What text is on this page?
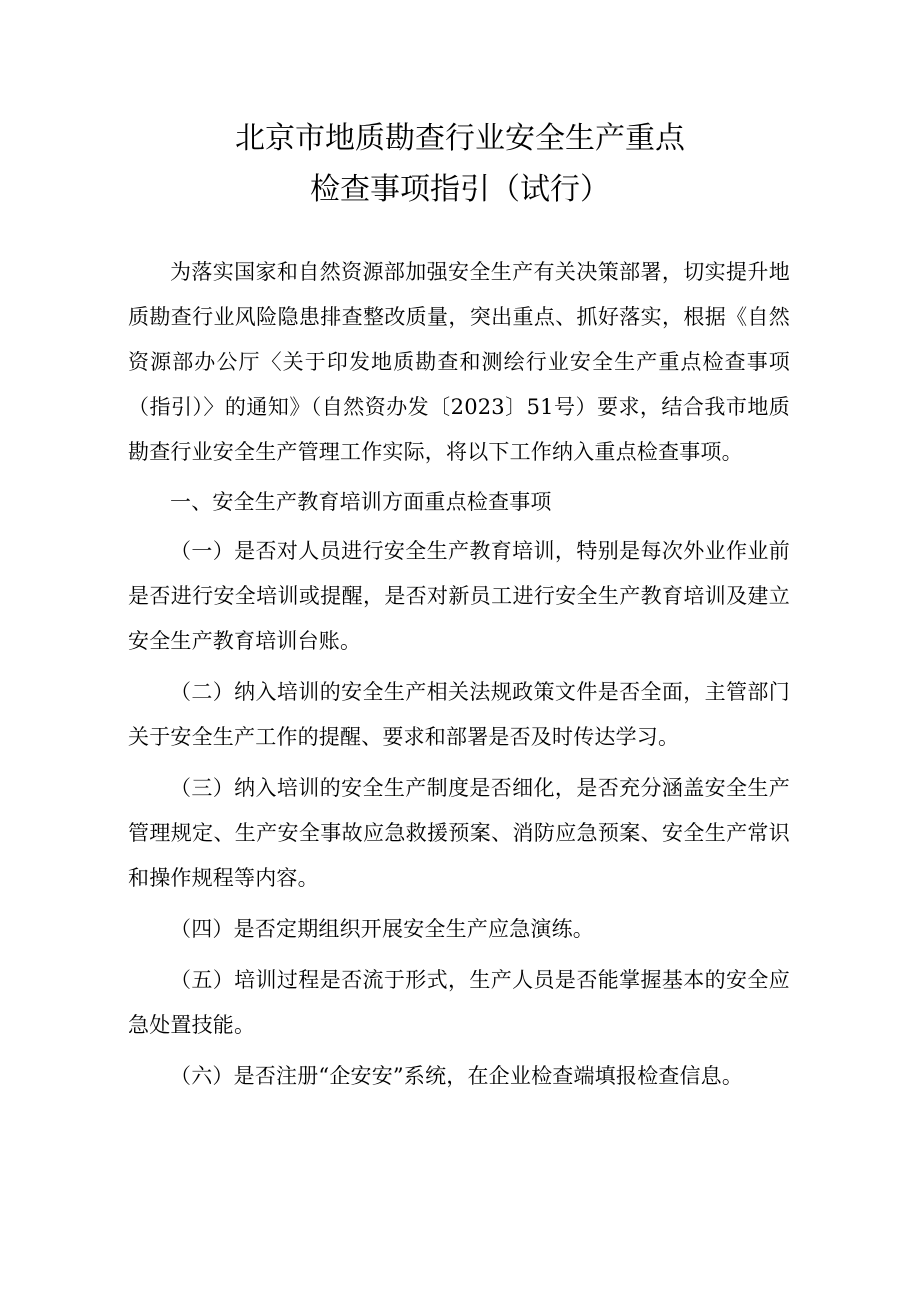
北京市地质勘查行业安全生产重点
检查事项指引（试行）

为落实国家和自然资源部加强安全生产有关决策部署，切实提升地质勘查行业风险隐患排查整改质量，突出重点、抓好落实，根据《自然资源部办公厅〈关于印发地质勘查和测绘行业安全生产重点检查事项（指引）〉的通知》（自然资办发〔2023〕51号）要求，结合我市地质勘查行业安全生产管理工作实际，将以下工作纳入重点检查事项。

一、安全生产教育培训方面重点检查事项

（一）是否对人员进行安全生产教育培训，特别是每次外业作业前是否进行安全培训或提醒，是否对新员工进行安全生产教育培训及建立安全生产教育培训台账。

（二）纳入培训的安全生产相关法规政策文件是否全面，主管部门关于安全生产工作的提醒、要求和部署是否及时传达学习。

（三）纳入培训的安全生产制度是否细化，是否充分涵盖安全生产管理规定、生产安全事故应急救援预案、消防应急预案、安全生产常识和操作规程等内容。

（四）是否定期组织开展安全生产应急演练。

（五）培训过程是否流于形式，生产人员是否能掌握基本的安全应急处置技能。

（六）是否注册“企安安”系统，在企业检查端填报检查信息。
